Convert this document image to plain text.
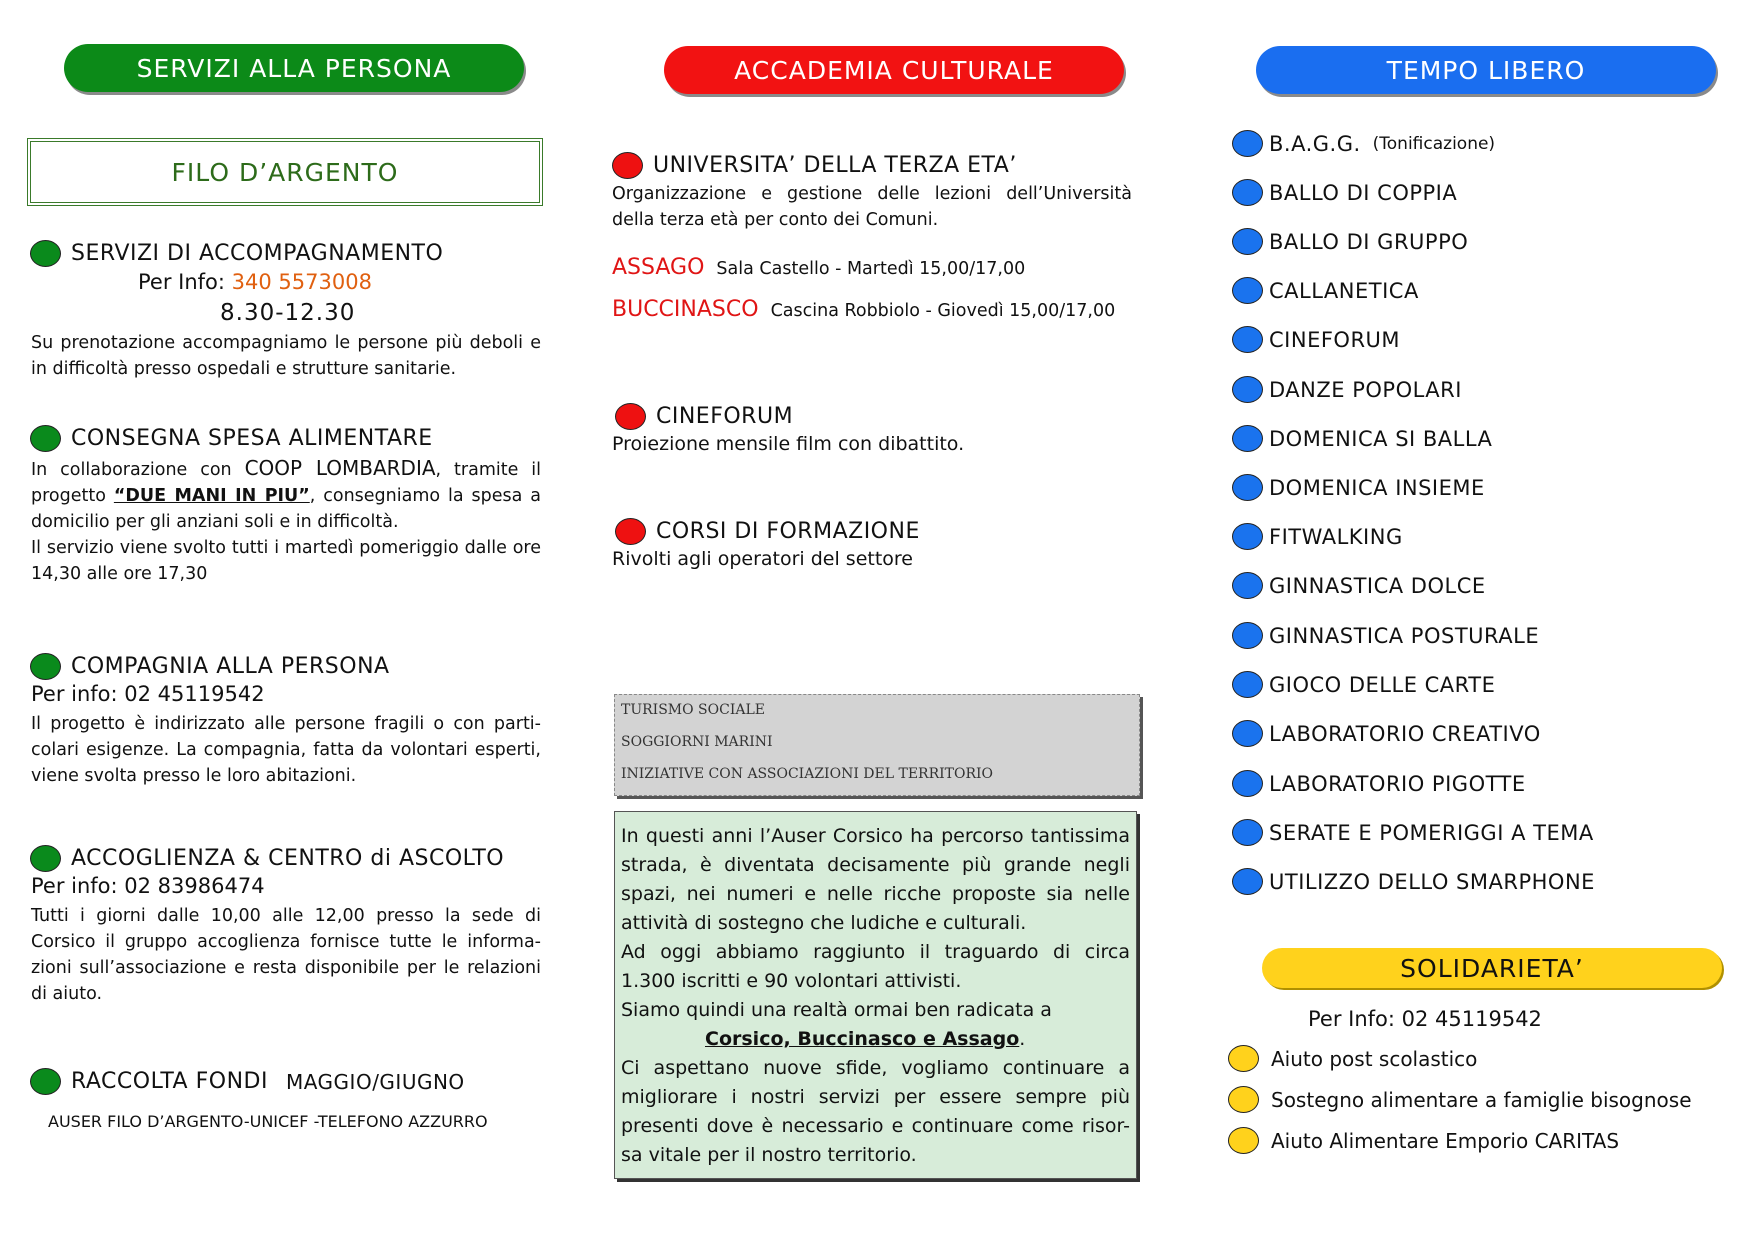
SERVIZI ALLA PERSONA	ACCADEMIA CULTURALE	TEMPO LIBERO
FILO D’ARGENTO
SERVIZI DI ACCOMPAGNAMENTO
Per Info: 340 5573008
8.30-12.30
Su prenotazione accompagniamo le persone più deboli e in difficoltà presso ospedali e strutture sanitarie.
CONSEGNA SPESA ALIMENTARE
In collaborazione con COOP LOMBARDIA, tramite il progetto “DUE MANI IN PIU”, consegniamo la spesa a domicilio per gli anziani soli e in difficoltà.
Il servizio viene svolto tutti i martedì pomeriggio dalle ore 14,30 alle ore 17,30
COMPAGNIA ALLA PERSONA
Per info: 02 45119542
Il progetto è indirizzato alle persone fragili o con parti-colari esigenze. La compagnia, fatta da volontari esperti, viene svolta presso le loro abitazioni.
ACCOGLIENZA & CENTRO di ASCOLTO
Per info: 02 83986474
Tutti i giorni dalle 10,00 alle 12,00 presso la sede di Corsico il gruppo accoglienza fornisce tutte le informa-zioni sull’associazione e resta disponibile per le relazioni di aiuto.
RACCOLTA FONDI MAGGIO/GIUGNO
AUSER FILO D’ARGENTO-UNICEF -TELEFONO AZZURRO
UNIVERSITA’ DELLA TERZA ETA’
Organizzazione e gestione delle lezioni dell’Università della terza età per conto dei Comuni.
ASSAGO Sala Castello - Martedì 15,00/17,00
BUCCINASCO Cascina Robbiolo - Giovedì 15,00/17,00
CINEFORUM
Proiezione mensile film con dibattito.
CORSI DI FORMAZIONE
Rivolti agli operatori del settore
TURISMO SOCIALE
SOGGIORNI MARINI
INIZIATIVE CON ASSOCIAZIONI DEL TERRITORIO
In questi anni l’Auser Corsico ha percorso tantissima strada, è diventata decisamente più grande negli spazi, nei numeri e nelle ricche proposte sia nelle attività di sostegno che ludiche e culturali.
Ad oggi abbiamo raggiunto il traguardo di circa 1.300 iscritti e 90 volontari attivisti.
Siamo quindi una realtà ormai ben radicata a
Corsico, Buccinasco e Assago.
Ci aspettano nuove sfide, vogliamo continuare a migliorare i nostri servizi per essere sempre più presenti dove è necessario e continuare come risor-sa vitale per il nostro territorio.
B.A.G.G. (Tonificazione)
BALLO DI COPPIA
BALLO DI GRUPPO
CALLANETICA
CINEFORUM
DANZE POPOLARI
DOMENICA SI BALLA
DOMENICA INSIEME
FITWALKING
GINNASTICA DOLCE
GINNASTICA POSTURALE
GIOCO DELLE CARTE
LABORATORIO CREATIVO
LABORATORIO PIGOTTE
SERATE E POMERIGGI A TEMA
UTILIZZO DELLO SMARPHONE
SOLIDARIETA’
Per Info: 02 45119542
Aiuto post scolastico
Sostegno alimentare a famiglie bisognose
Aiuto Alimentare Emporio CARITAS
